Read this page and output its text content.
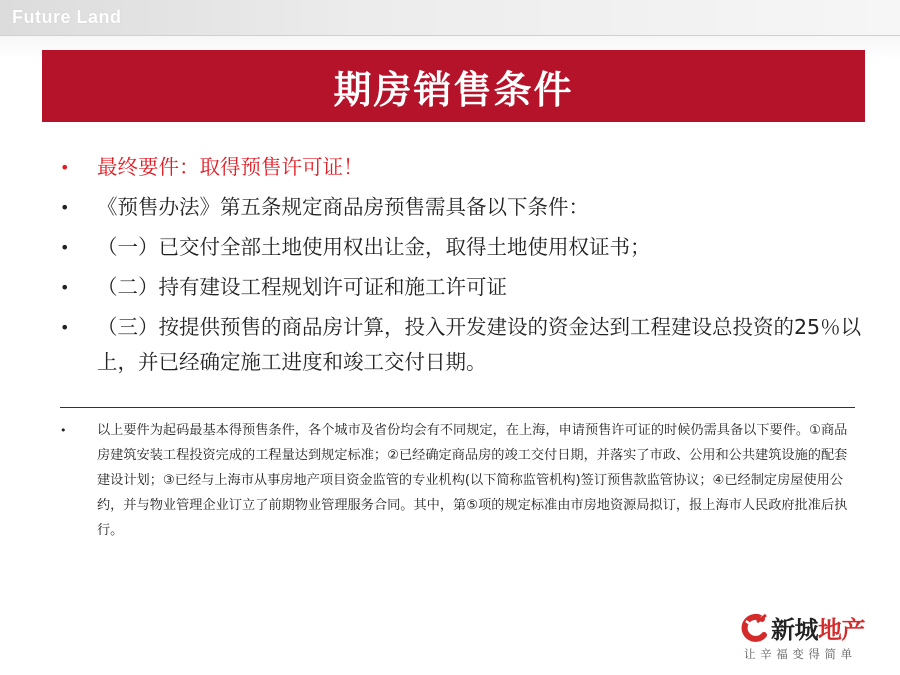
Future Land
期房销售条件
•	最终要件：取得预售许可证！
•	《预售办法》第五条规定商品房预售需具备以下条件：
•	（一）已交付全部土地使用权出让金，取得土地使用权证书；
•	（二）持有建设工程规划许可证和施工许可证
•	（三）按提供预售的商品房计算，投入开发建设的资金达到工程建设总投资的25％以上，并已经确定施工进度和竣工交付日期。
•	以上要件为起码最基本得预售条件，各个城市及省份均会有不同规定，在上海，申请预售许可证的时候仍需具备以下要件。①商品房建筑安装工程投资完成的工程量达到规定标准；②已经确定商品房的竣工交付日期，并落实了市政、公用和公共建筑设施的配套建设计划；③已经与上海市从事房地产项目资金监管的专业机构(以下简称监管机构)签订预售款监管协议；④已经制定房屋使用公约，并与物业管理企业订立了前期物业管理服务合同。其中，第⑤项的规定标准由市房地资源局拟订，报上海市人民政府批准后执行。
新城地产
让辛福变得简单
